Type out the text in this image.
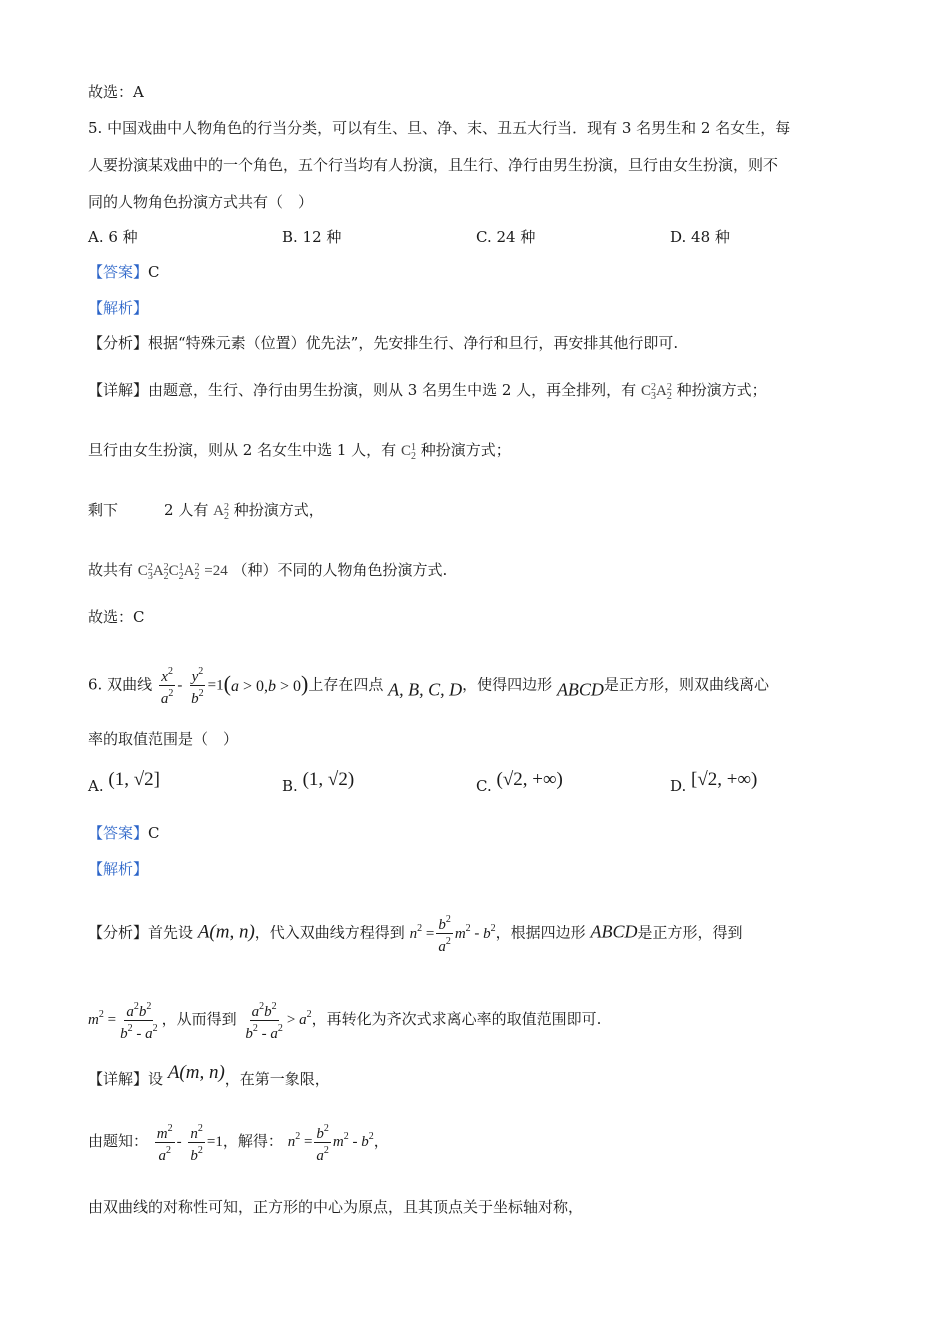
故选：A
5. 中国戏曲中人物角色的行当分类，可以有生、旦、净、末、丑五大行当．现有 3 名男生和 2 名女生，每
人要扮演某戏曲中的一个角色，五个行当均有人扮演，且生行、净行由男生扮演，旦行由女生扮演，则不
同的人物角色扮演方式共有（　）
A. 6 种	B. 12 种	C. 24 种	D. 48 种
【答案】C
【解析】
【分析】根据“特殊元素（位置）优先法”，先安排生行、净行和旦行，再安排其他行即可.
【详解】由题意，生行、净行由男生扮演，则从 3 名男生中选 2 人，再全排列，有 C 2
3 A 2
2 种扮演方式；
旦行由女生扮演，则从 2 名女生中选 1 人，有 C 1
2 种扮演方式；
剩下	2 人有 A 2
2 种扮演方式，
故共有 C 2
3 A 2
2 C 1
2 A 2
2 =24 （种）不同的人物角色扮演方式.
故选：C
6. 双曲线 $\frac{x^2}{a^2} - \frac{y^2}{b^2} =1(a > 0,b > 0)$上存在四点 A, B, C, D，使得四边形 ABCD是正方形，则双曲线离心
率的取值范围是（　）
A. (1, √2]	B. (1, √2)	C. (√2, +∞)	D. [√2, +∞)
【答案】C
【解析】
【分析】首先设 A(m, n)，代入双曲线方程得到 $n^2 = \frac{b^2}{a^2} m^2 - b^2$，根据四边形 ABCD是正方形，得到
$m^2 = \frac{a^2b^2}{b^2 - a^2}$ ，从而得到 $\frac{a^2b^2}{b^2 - a^2} > a^2$，再转化为齐次式求离心率的取值范围即可.
【详解】设 A(m, n)，在第一象限，
由题知： $\frac{m^2}{a^2} - \frac{n^2}{b^2} =1$，解得： $n^2 = \frac{b^2}{a^2} m^2 - b^2$，
由双曲线的对称性可知，正方形的中心为原点，且其顶点关于坐标轴对称，
